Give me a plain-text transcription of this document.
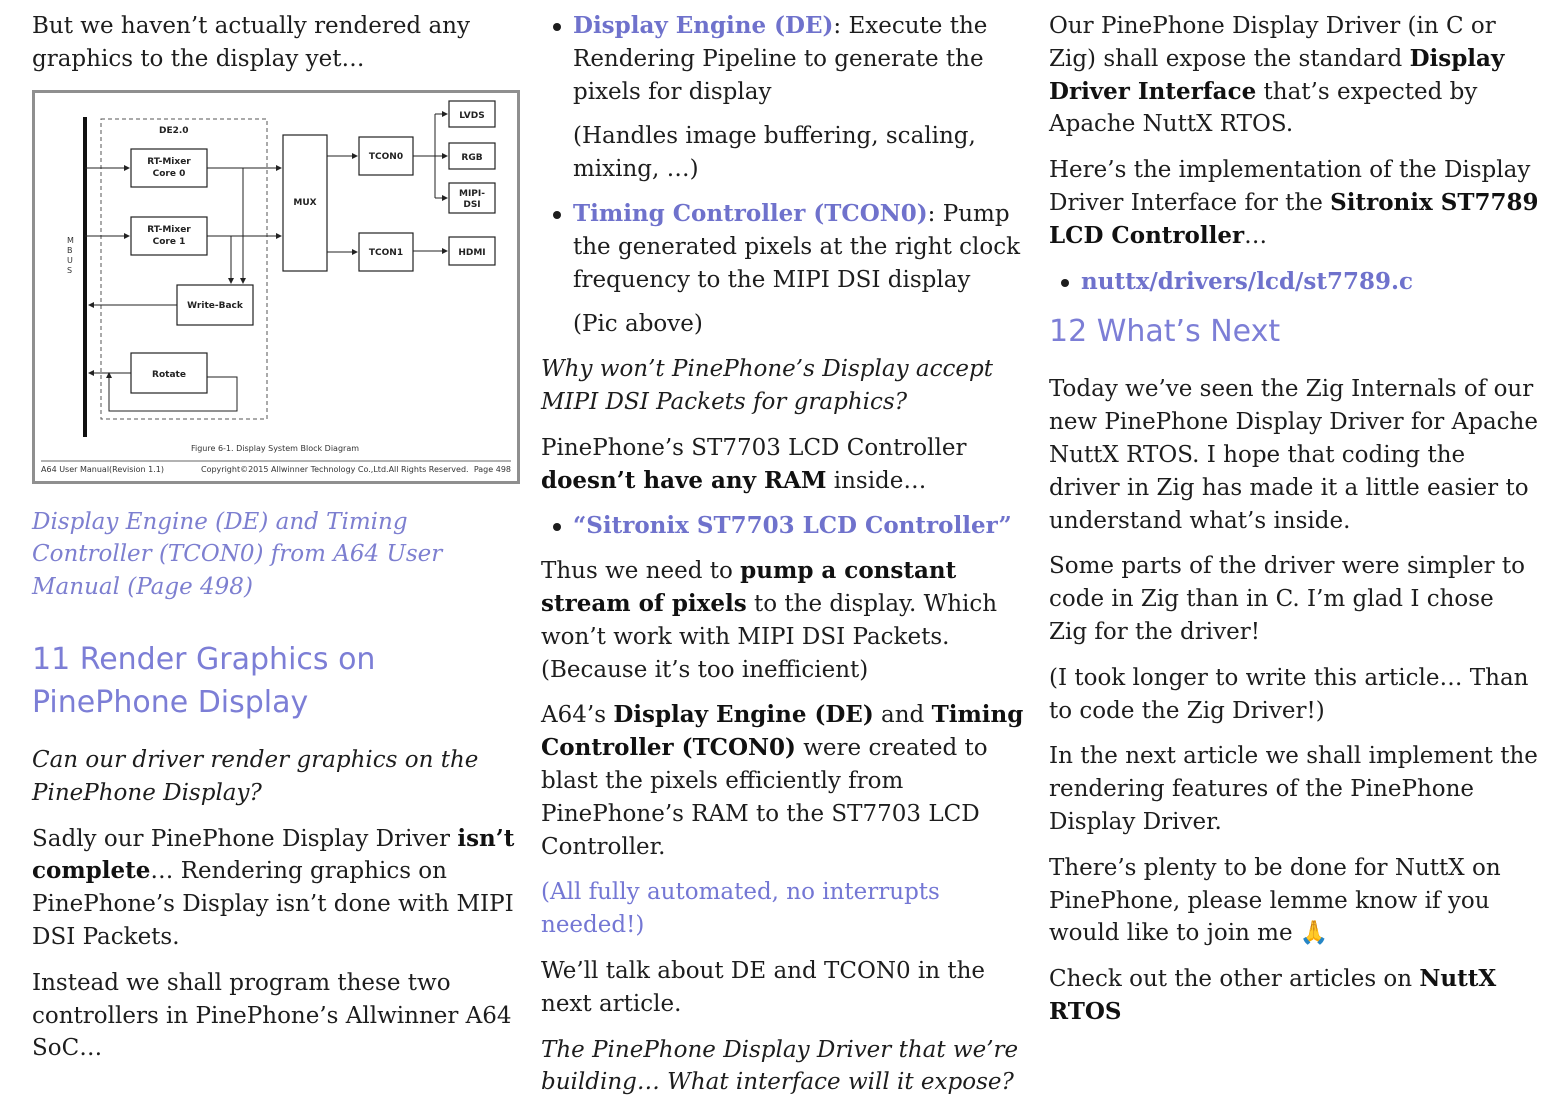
But we haven’t actually rendered any graphics to the display yet…

M B U S
DE2.0
RT-Mixer
Core 0
RT-Mixer
Core 1
Write-Back
Rotate
MUX
TCON0
TCON1
LVDS
RGB
MIPI-
DSI
HDMI
Figure 6-1. Display System Block Diagram
A64 User Manual(Revision 1.1)	Copyright©2015 Allwinner Technology Co.,Ltd.All Rights Reserved. Page 498
Display Engine (DE) and Timing Controller (TCON0) from A64 User Manual (Page 498)
11 Render Graphics on PinePhone Display

Can our driver render graphics on the PinePhone Display?

Sadly our PinePhone Display Driver isn’t complete… Rendering graphics on PinePhone’s Display isn’t done with MIPI DSI Packets.

Instead we shall program these two controllers in PinePhone’s Allwinner A64 SoC…

Display Engine (DE): Execute the Rendering Pipeline to generate the pixels for display

(Handles image buffering, scaling, mixing, …)

Timing Controller (TCON0): Pump the generated pixels at the right clock frequency to the MIPI DSI display

(Pic above)

Why won’t PinePhone’s Display accept MIPI DSI Packets for graphics?

PinePhone’s ST7703 LCD Controller doesn’t have any RAM inside…

“Sitronix ST7703 LCD Controller”

Thus we need to pump a constant stream of pixels to the display. Which won’t work with MIPI DSI Packets. (Because it’s too inefficient)

A64’s Display Engine (DE) and Timing Controller (TCON0) were created to blast the pixels efficiently from PinePhone’s RAM to the ST7703 LCD Controller.

(All fully automated, no interrupts needed!)

We’ll talk about DE and TCON0 in the next article.

The PinePhone Display Driver that we’re building… What interface will it expose?

Our PinePhone Display Driver (in C or Zig) shall expose the standard Display Driver Interface that’s expected by Apache NuttX RTOS.

Here’s the implementation of the Display Driver Interface for the Sitronix ST7789 LCD Controller…

nuttx/drivers/lcd/st7789.c
12 What’s Next

Today we’ve seen the Zig Internals of our new PinePhone Display Driver for Apache NuttX RTOS. I hope that coding the driver in Zig has made it a little easier to understand what’s inside.

Some parts of the driver were simpler to code in Zig than in C. I’m glad I chose Zig for the driver!

(I took longer to write this article… Than to code the Zig Driver!)

In the next article we shall implement the rendering features of the PinePhone Display Driver.

There’s plenty to be done for NuttX on PinePhone, please lemme know if you would like to join me 🙏

Check out the other articles on NuttX RTOS
